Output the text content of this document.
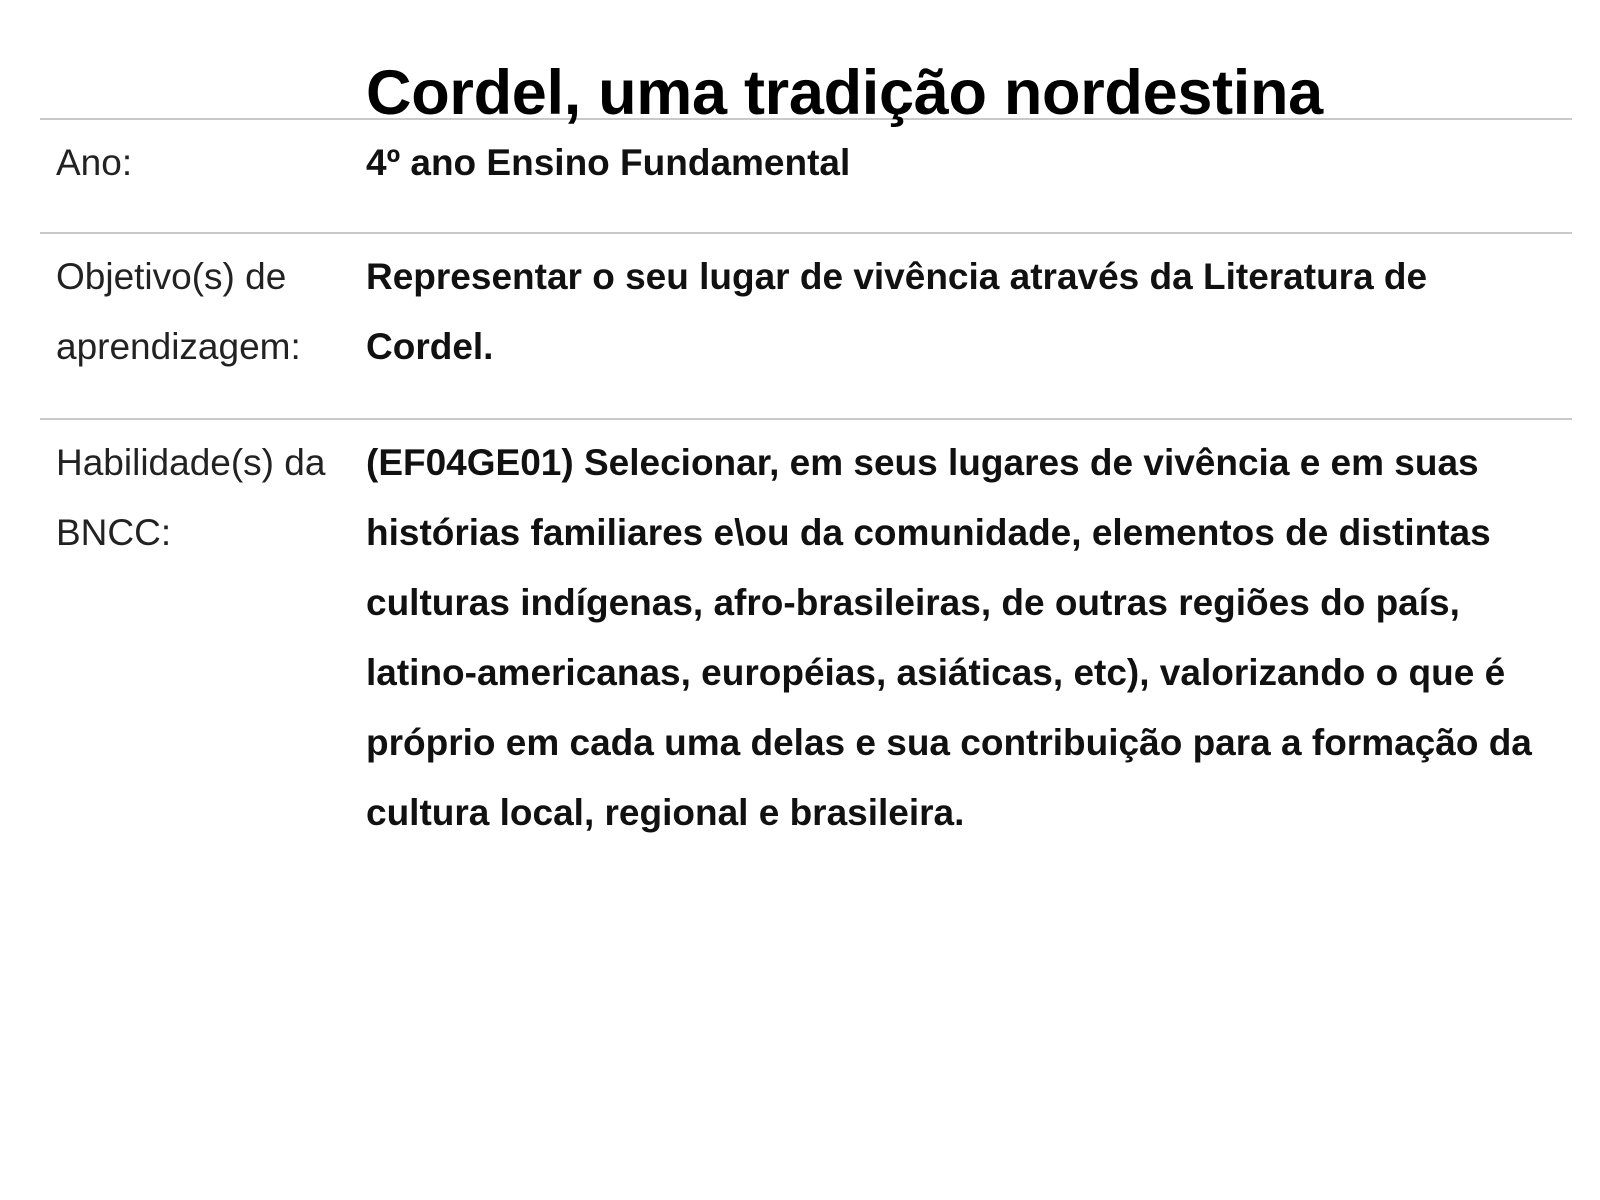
Cordel, uma tradição nordestina
Ano:	4º ano Ensino Fundamental
Objetivo(s) de aprendizagem:
Representar o seu lugar de vivência através da Literatura de Cordel.
Habilidade(s) da BNCC:
(EF04GE01) Selecionar, em seus lugares de vivência e em suas histórias familiares e\ou da comunidade, elementos de distintas culturas indígenas, afro-brasileiras, de outras regiões do país, latino-americanas, européias, asiáticas, etc), valorizando o que é próprio em cada uma delas e sua contribuição para a formação da cultura local, regional e brasileira.
